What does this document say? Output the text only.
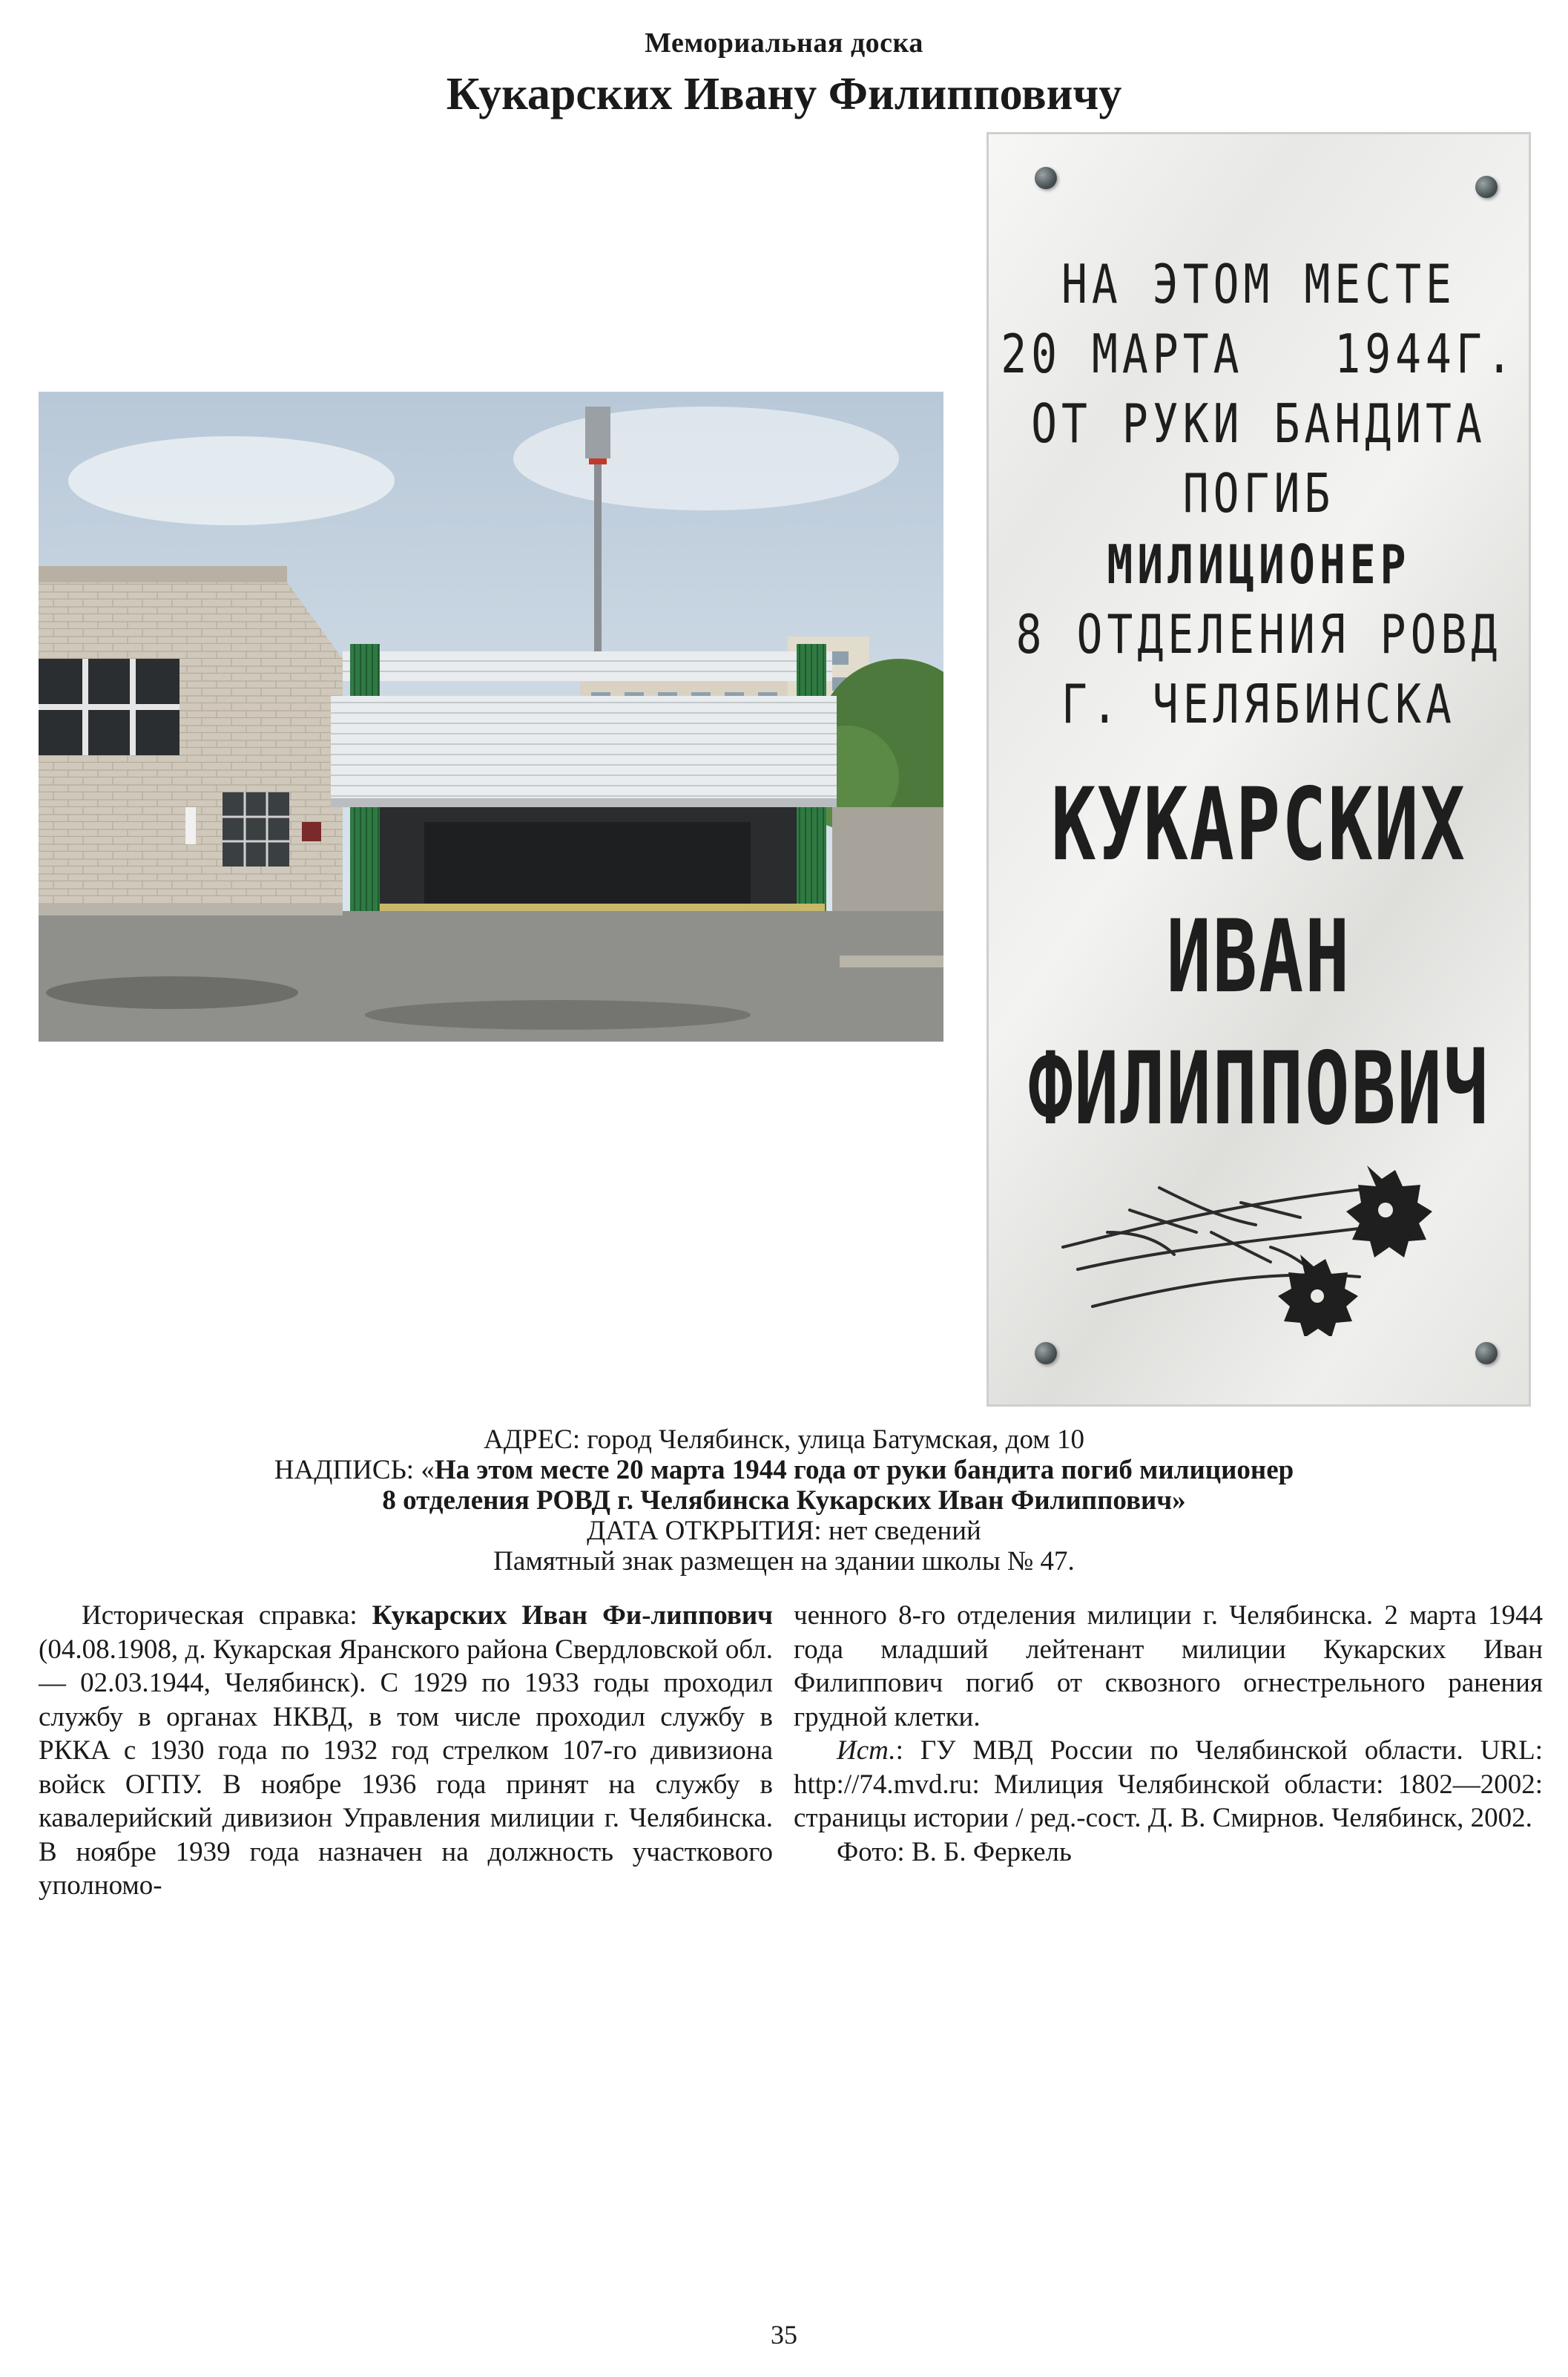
Мемориальная доска
Кукарских Ивану Филипповичу
НА ЭТОМ МЕСТЕ
20 МАРТА   1944Г.
ОТ РУКИ БАНДИТА
ПОГИБ
МИЛИЦИОНЕР
8 ОТДЕЛЕНИЯ РОВД
Г. ЧЕЛЯБИНСКА
КУКАРСКИХ
ИВАН
ФИЛИППОВИЧ
АДРЕС: город Челябинск, улица Батумская, дом 10
НАДПИСЬ: «На этом месте 20 марта 1944 года от руки бандита погиб милиционер
8 отделения РОВД г. Челябинска Кукарских Иван Филиппович»
ДАТА ОТКРЫТИЯ: нет сведений
Памятный знак размещен на здании школы № 47.
Историческая справка: Кукарских Иван Фи-липпович (04.08.1908, д. Кукарская Яранского района Свердловской обл. — 02.03.1944, Челябинск). С 1929 по 1933 годы проходил службу в органах НКВД, в том числе проходил службу в РККА с 1930 года по 1932 год стрелком 107-го дивизиона войск ОГПУ. В ноябре 1936 года принят на службу в кавалерийский дивизион Управления милиции г. Челябинска. В ноябре 1939 года назначен на должность участкового уполномо-
ченного 8-го отделения милиции г. Челябинска. 2 марта 1944 года младший лейтенант милиции Кукарских Иван Филиппович погиб от сквозного огнестрельного ранения грудной клетки.
Ист.: ГУ МВД России по Челябинской области. URL: http://74.mvd.ru: Милиция Челябинской области: 1802—2002: страницы истории / ред.-сост. Д. В. Смирнов. Челябинск, 2002.
Фото: В. Б. Феркель
35
